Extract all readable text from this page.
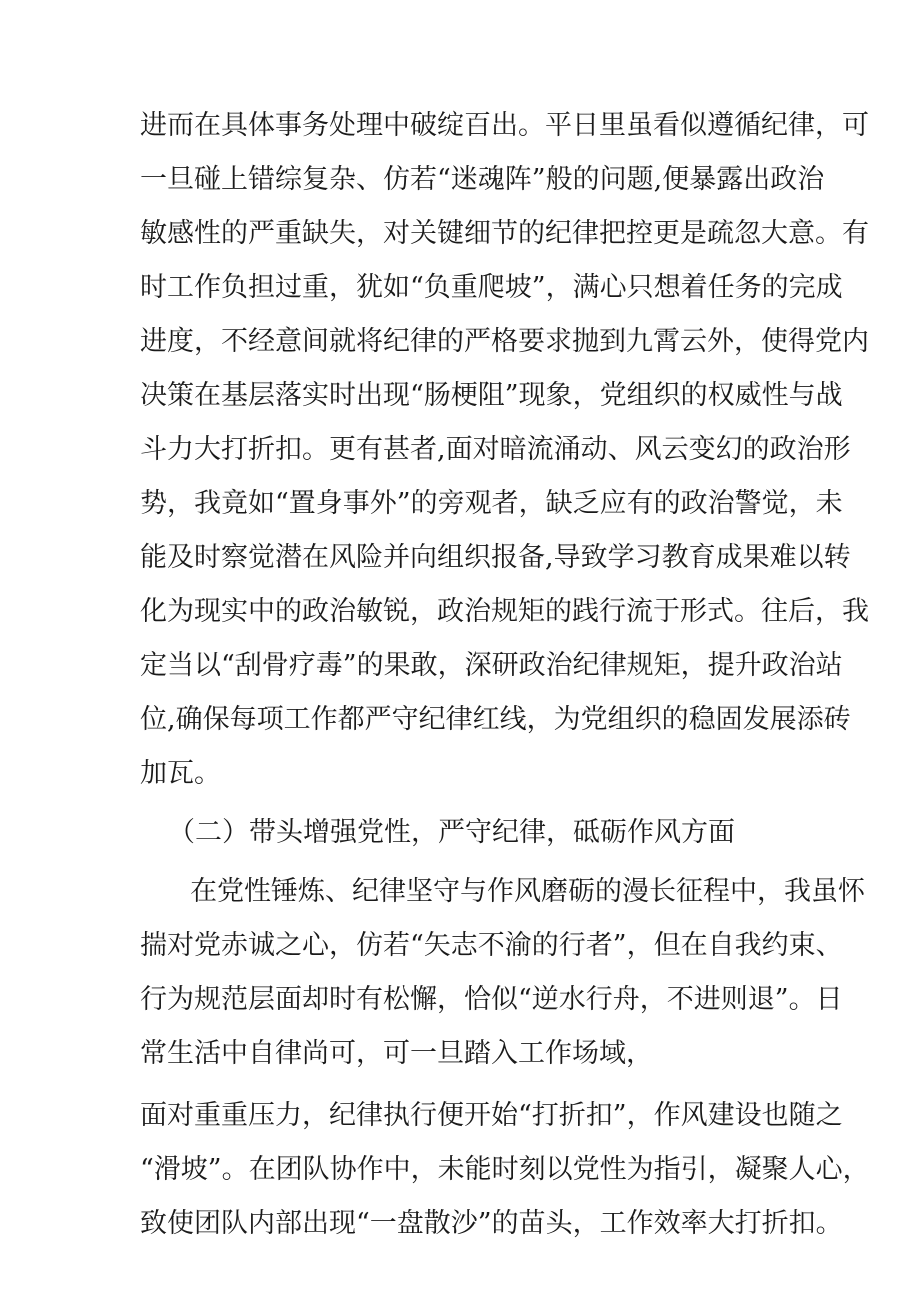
进而在具体事务处理中破绽百出。平日里虽看似遵循纪律，可
一旦碰上错综复杂、仿若“迷魂阵”般的问题,便暴露出政治
敏感性的严重缺失，对关键细节的纪律把控更是疏忽大意。有
时工作负担过重，犹如“负重爬坡”，满心只想着任务的完成
进度，不经意间就将纪律的严格要求抛到九霄云外，使得党内
决策在基层落实时出现“肠梗阻”现象，党组织的权威性与战
斗力大打折扣。更有甚者,面对暗流涌动、风云变幻的政治形
势，我竟如“置身事外”的旁观者，缺乏应有的政治警觉，未
能及时察觉潜在风险并向组织报备,导致学习教育成果难以转
化为现实中的政治敏锐，政治规矩的践行流于形式。往后，我
定当以“刮骨疗毒”的果敢，深研政治纪律规矩，提升政治站
位,确保每项工作都严守纪律红线，为党组织的稳固发展添砖
加瓦。
（二）带头增强党性，严守纪律，砥砺作风方面
在党性锤炼、纪律坚守与作风磨砺的漫长征程中，我虽怀
揣对党赤诚之心，仿若“矢志不渝的行者”，但在自我约束、
行为规范层面却时有松懈，恰似“逆水行舟，不进则退”。日
常生活中自律尚可，可一旦踏入工作场域，
面对重重压力，纪律执行便开始“打折扣”，作风建设也随之
“滑坡”。在团队协作中，未能时刻以党性为指引，凝聚人心，
致使团队内部出现“一盘散沙”的苗头，工作效率大打折扣。
